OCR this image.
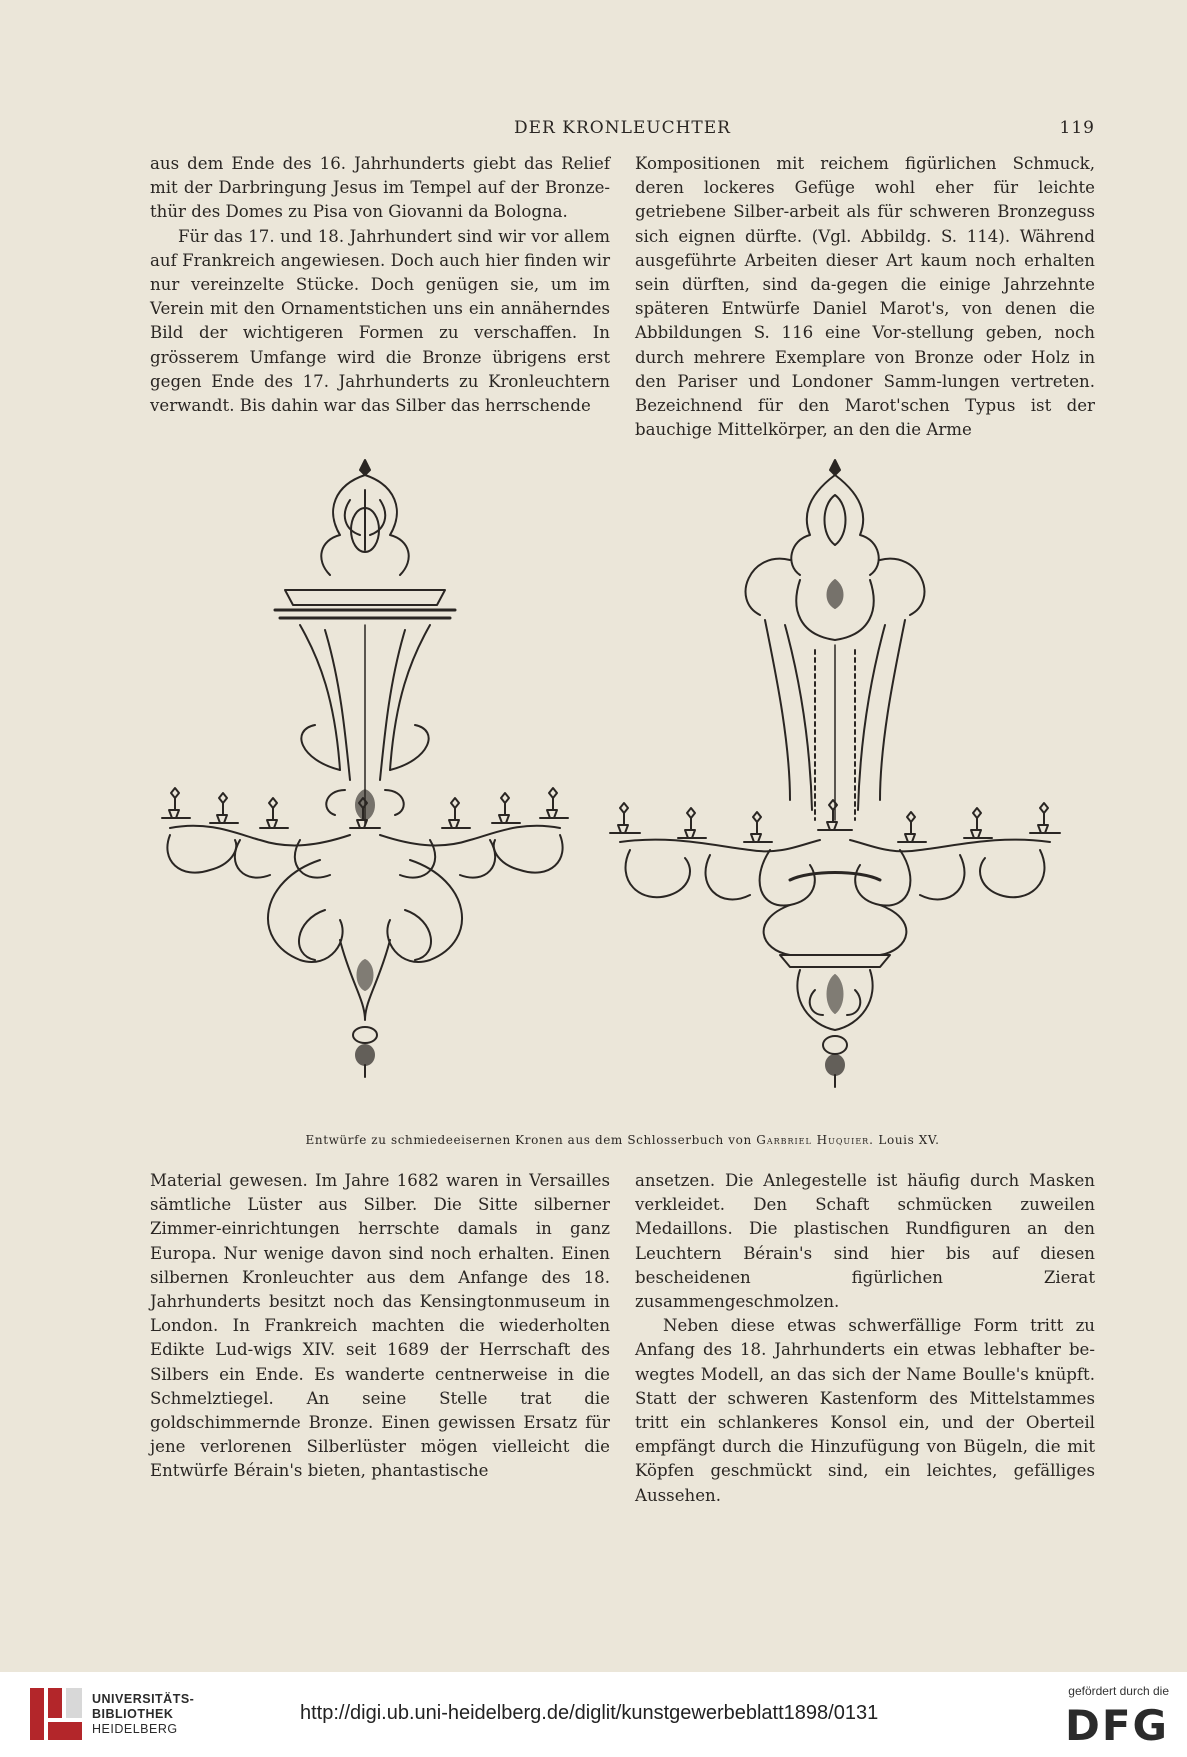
DER KRONLEUCHTER	119

aus dem Ende des 16. Jahrhunderts giebt das Relief mit der Darbringung Jesus im Tempel auf der Bronze-thür des Domes zu Pisa von Giovanni da Bologna.

Für das 17. und 18. Jahrhundert sind wir vor allem auf Frankreich angewiesen. Doch auch hier finden wir nur vereinzelte Stücke. Doch genügen sie, um im Verein mit den Ornamentstichen uns ein annäherndes Bild der wichtigeren Formen zu verschaffen. In grösserem Umfange wird die Bronze übrigens erst gegen Ende des 17. Jahrhunderts zu Kronleuchtern verwandt. Bis dahin war das Silber das herrschende

Kompositionen mit reichem figürlichen Schmuck, deren lockeres Gefüge wohl eher für leichte getriebene Silber-arbeit als für schweren Bronzeguss sich eignen dürfte. (Vgl. Abbildg. S. 114). Während ausgeführte Arbeiten dieser Art kaum noch erhalten sein dürften, sind da-gegen die einige Jahrzehnte späteren Entwürfe Daniel Marot's, von denen die Abbildungen S. 116 eine Vor-stellung geben, noch durch mehrere Exemplare von Bronze oder Holz in den Pariser und Londoner Samm-lungen vertreten. Bezeichnend für den Marot'schen Typus ist der bauchige Mittelkörper, an den die Arme

Entwürfe zu schmiedeeisernen Kronen aus dem Schlosserbuch von Garbriel Huquier. Louis XV.

Material gewesen. Im Jahre 1682 waren in Versailles sämtliche Lüster aus Silber. Die Sitte silberner Zimmer-einrichtungen herrschte damals in ganz Europa. Nur wenige davon sind noch erhalten. Einen silbernen Kronleuchter aus dem Anfange des 18. Jahrhunderts besitzt noch das Kensingtonmuseum in London. In Frankreich machten die wiederholten Edikte Lud-wigs XIV. seit 1689 der Herrschaft des Silbers ein Ende. Es wanderte centnerweise in die Schmelztiegel. An seine Stelle trat die goldschimmernde Bronze. Einen gewissen Ersatz für jene verlorenen Silberlüster mögen vielleicht die Entwürfe Bérain's bieten, phantastische

ansetzen. Die Anlegestelle ist häufig durch Masken verkleidet. Den Schaft schmücken zuweilen Medaillons. Die plastischen Rundfiguren an den Leuchtern Bérain's sind hier bis auf diesen bescheidenen figürlichen Zierat zusammengeschmolzen.

Neben diese etwas schwerfällige Form tritt zu Anfang des 18. Jahrhunderts ein etwas lebhafter be-wegtes Modell, an das sich der Name Boulle's knüpft. Statt der schweren Kastenform des Mittelstammes tritt ein schlankeres Konsol ein, und der Oberteil empfängt durch die Hinzufügung von Bügeln, die mit Köpfen geschmückt sind, ein leichtes, gefälliges Aussehen.

UNIVERSITÄTS-
BIBLIOTHEK
HEIDELBERG
http://digi.ub.uni-heidelberg.de/diglit/kunstgewerbeblatt1898/0131
gefördert durch die
DFG
